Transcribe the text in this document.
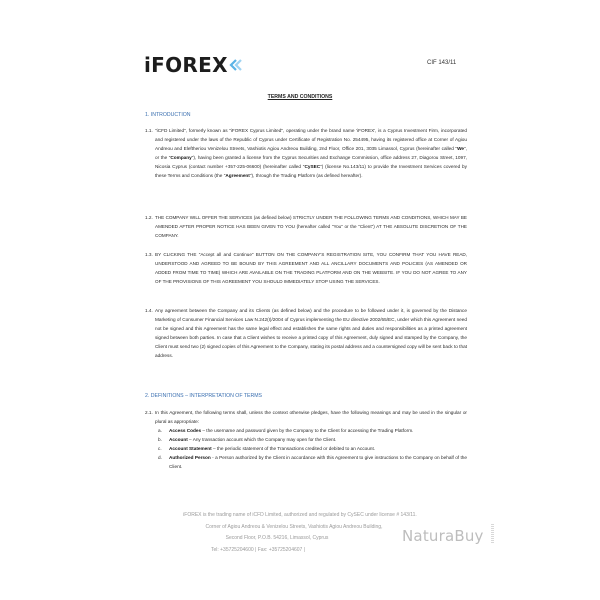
iFOREX	CIF 143/11
TERMS AND CONDITIONS
1. INTRODUCTION
1.1. "iCFD Limited", formerly known as "iFOREX Cyprus Limited", operating under the brand name 'iFOREX', is a Cyprus Investment Firm, incorporated and registered under the laws of the Republic of Cyprus under Certificate of Registration No. 254495, having its registered office at Corner of Agiou Andreou and Eleftheriou Venizelou Streets, Vashiotis Agiou Andreou Building, 2nd Floor, Office 201, 3035 Limassol, Cyprus (hereinafter called "We", or the "Company"), having been granted a license from the Cyprus Securities and Exchange Commission, office address 27, Diagorou Street, 1097, Nicosia Cyprus (contact number +357-225-06600) (hereinafter called "CySEC") (license No.143/11) to provide the Investment Services covered by these Terms and Conditions (the "Agreement"), through the Trading Platform (as defined hereafter).
1.2. THE COMPANY WILL OFFER THE SERVICES (as defined below) STRICTLY UNDER THE FOLLOWING TERMS AND CONDITIONS, WHICH MAY BE AMENDED AFTER PROPER NOTICE HAS BEEN GIVEN TO YOU (hereafter called "You" or the "Client") AT THE ABSOLUTE DISCRETION OF THE COMPANY.
1.3. BY CLICKING THE "Accept all and Continue" BUTTON ON THE COMPANY'S REGISTRATION SITE, YOU CONFIRM THAT YOU HAVE READ, UNDERSTOOD AND AGREED TO BE BOUND BY THIS AGREEMENT AND ALL ANCILLARY DOCUMENTS AND POLICIES (AS AMENDED OR ADDED FROM TIME TO TIME) WHICH ARE AVAILABLE ON THE TRADING PLATFORM AND ON THE WEBSITE. IF YOU DO NOT AGREE TO ANY OF THE PROVISIONS OF THIS AGREEMENT YOU SHOULD IMMEDIATELY STOP USING THE SERVICES.
1.4. Any agreement between the Company and its Clients (as defined below) and the procedure to be followed under it, is governed by the Distance Marketing of Consumer Financial Services Law N.242(I)/2004 of Cyprus implementing the EU directive 2002/65/EC, under which this Agreement need not be signed and this Agreement has the same legal effect and establishes the same rights and duties and responsibilities as a printed agreement signed between both parties. In case that a Client wishes to receive a printed copy of this Agreement, duly signed and stamped by the Company, the Client must send two (2) signed copies of this Agreement to the Company, stating its postal address and a countersigned copy will be sent back to that address.
2. DEFINITIONS – INTERPRETATION OF TERMS
2.1. In this Agreement, the following terms shall, unless the context otherwise pledges, have the following meanings and may be used in the singular or plural as appropriate:
a. Access Codes – the username and password given by the Company to the Client for accessing the Trading Platform.
b. Account – Any transaction account which the Company may open for the Client.
c. Account Statement – the periodic statement of the Transactions credited or debited to an Account.
d. Authorized Person - a Person authorized by the Client in accordance with this Agreement to give instructions to the Company on behalf of the Client.
iFOREX is the trading name of iCFD Limited, authorized and regulated by CySEC under license # 143/11.
Corner of Agiou Andreou & Venizelou Streets, Vashiotis Agiou Andreou Building,
Second Floor, P.O.B. 54216, Limassol, Cyprus
Tel: +35725204600 | Fax: +35725204607 |
NaturaBuy
